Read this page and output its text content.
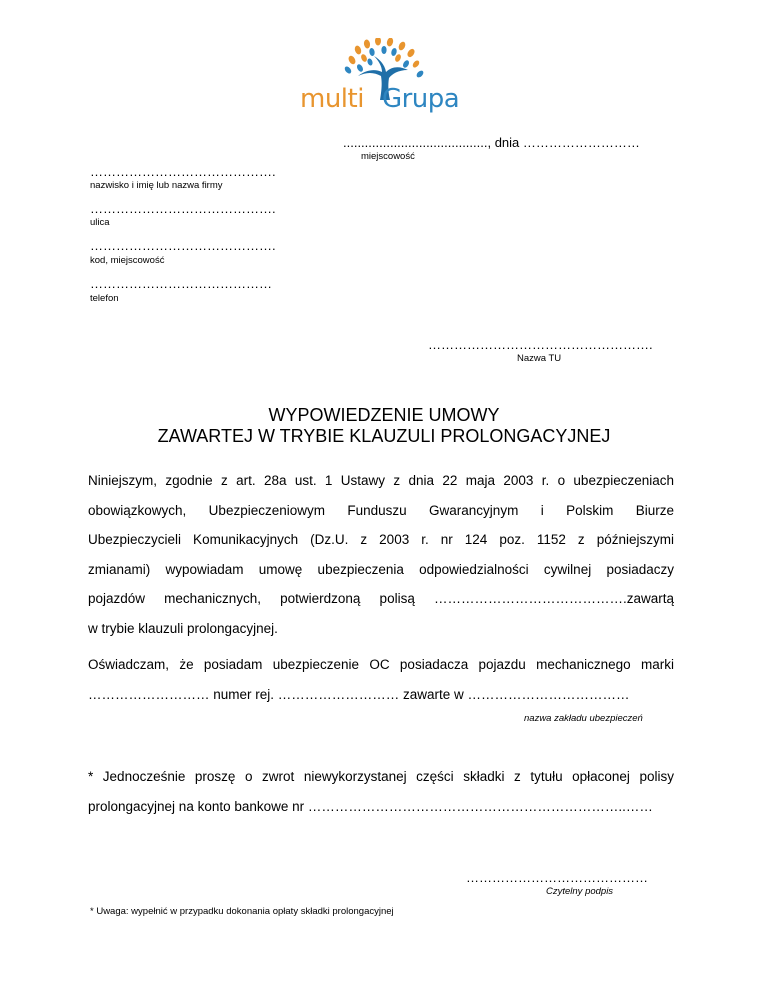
multi Grupa
........................................, dnia ………………………
miejscowość
…………………………………….
nazwisko i imię lub nazwa firmy
…………………………………….
ulica
…………………………………….
kod, miejscowość
……………………………………
telefon
…………………………………………….
Nazwa TU
WYPOWIEDZENIE UMOWY
ZAWARTEJ W TRYBIE KLAUZULI PROLONGACYJNEJ
Niniejszym, zgodnie z art. 28a ust. 1 Ustawy z dnia 22 maja 2003 r. o ubezpieczeniach
obowiązkowych, Ubezpieczeniowym Funduszu Gwarancyjnym i Polskim Biurze
Ubezpieczycieli Komunikacyjnych (Dz.U. z 2003 r. nr 124 poz. 1152 z późniejszymi
zmianami) wypowiadam umowę ubezpieczenia odpowiedzialności cywilnej posiadaczy
pojazdów mechanicznych, potwierdzoną polisą …………………………………….zawartą
w trybie klauzuli prolongacyjnej.
Oświadczam, że posiadam ubezpieczenie OC posiadacza pojazdu mechanicznego marki
……………………… numer rej. ……………………… zawarte w ………………………………
nazwa zakładu ubezpieczeń
* Jednocześnie proszę o zwrot niewykorzystanej części składki z tytułu opłaconej polisy
prolongacyjnej na konto bankowe nr ……………………………………………………………..……
……………………………………
Czytelny podpis
* Uwaga: wypełnić w przypadku dokonania opłaty składki prolongacyjnej
